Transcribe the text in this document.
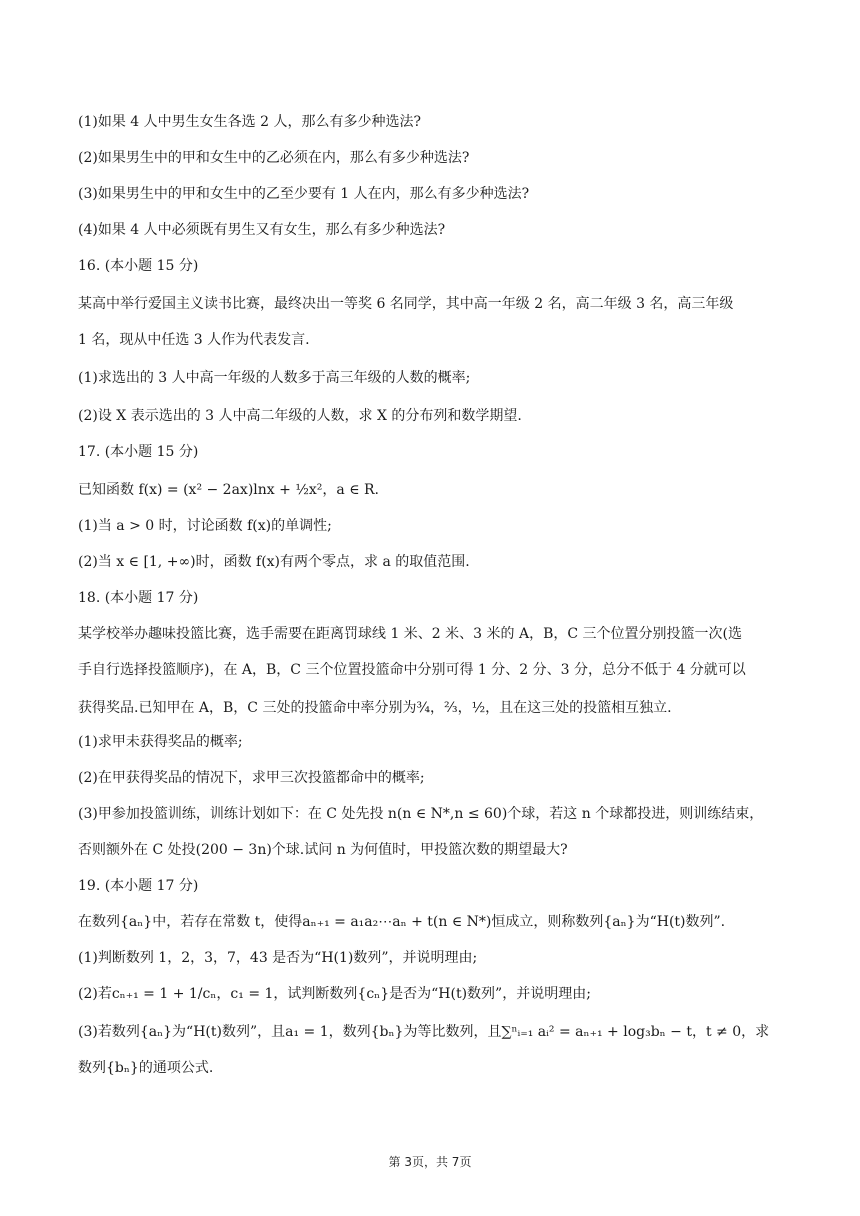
(1)如果 4 人中男生女生各选 2 人，那么有多少种选法?

(2)如果男生中的甲和女生中的乙必须在内，那么有多少种选法?

(3)如果男生中的甲和女生中的乙至少要有 1 人在内，那么有多少种选法?

(4)如果 4 人中必须既有男生又有女生，那么有多少种选法?

16. (本小题 15 分)

某高中举行爱国主义读书比赛，最终决出一等奖 6 名同学，其中高一年级 2 名，高二年级 3 名，高三年级

1 名，现从中任选 3 人作为代表发言.

(1)求选出的 3 人中高一年级的人数多于高三年级的人数的概率;

(2)设 X 表示选出的 3 人中高二年级的人数，求 X 的分布列和数学期望.

17. (本小题 15 分)

已知函数 f(x) = (x² − 2ax)lnx + ½x²，a ∈ R.

(1)当 a > 0 时，讨论函数 f(x)的单调性;

(2)当 x ∈ [1, +∞)时，函数 f(x)有两个零点，求 a 的取值范围.

18. (本小题 17 分)

某学校举办趣味投篮比赛，选手需要在距离罚球线 1 米、2 米、3 米的 A，B，C 三个位置分别投篮一次(选

手自行选择投篮顺序)，在 A，B，C 三个位置投篮命中分别可得 1 分、2 分、3 分，总分不低于 4 分就可以

获得奖品.已知甲在 A，B，C 三处的投篮命中率分别为¾，⅔，½，且在这三处的投篮相互独立.

(1)求甲未获得奖品的概率;

(2)在甲获得奖品的情况下，求甲三次投篮都命中的概率;

(3)甲参加投篮训练，训练计划如下：在 C 处先投 n(n ∈ N*,n ≤ 60)个球，若这 n 个球都投进，则训练结束，

否则额外在 C 处投(200 − 3n)个球.试问 n 为何值时，甲投篮次数的期望最大?

19. (本小题 17 分)

在数列{aₙ}中，若存在常数 t，使得aₙ₊₁ = a₁a₂⋯aₙ + t(n ∈ N*)恒成立，则称数列{aₙ}为“H(t)数列”.

(1)判断数列 1，2，3，7，43 是否为“H(1)数列”，并说明理由;

(2)若cₙ₊₁ = 1 + 1/cₙ，c₁ = 1，试判断数列{cₙ}是否为“H(t)数列”，并说明理由;

(3)若数列{aₙ}为“H(t)数列”，且a₁ = 1，数列{bₙ}为等比数列，且∑ⁿᵢ₌₁ aᵢ² = aₙ₊₁ + log₃bₙ − t，t ≠ 0，求

数列{bₙ}的通项公式.

第 3页，共 7页
